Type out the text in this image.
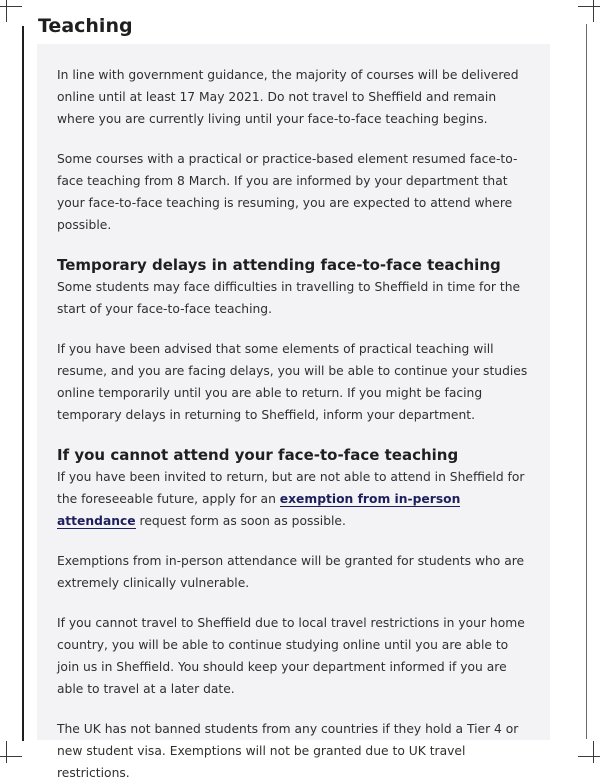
Teaching

In line with government guidance, the majority of courses will be delivered online until at least 17 May 2021. Do not travel to Sheffield and remain where you are currently living until your face-to-face teaching begins.

Some courses with a practical or practice-based element resumed face-to-face teaching from 8 March. If you are informed by your department that your face-to-face teaching is resuming, you are expected to attend where possible.

Temporary delays in attending face-to-face teaching

Some students may face difficulties in travelling to Sheffield in time for the start of your face-to-face teaching.

If you have been advised that some elements of practical teaching will resume, and you are facing delays, you will be able to continue your studies online temporarily until you are able to return. If you might be facing temporary delays in returning to Sheffield, inform your department.

If you cannot attend your face-to-face teaching

If you have been invited to return, but are not able to attend in Sheffield for the foreseeable future, apply for an exemption from in-person attendance request form as soon as possible.

Exemptions from in-person attendance will be granted for students who are extremely clinically vulnerable.

If you cannot travel to Sheffield due to local travel restrictions in your home country, you will be able to continue studying online until you are able to join us in Sheffield. You should keep your department informed if you are able to travel at a later date.

The UK has not banned students from any countries if they hold a Tier 4 or new student visa. Exemptions will not be granted due to UK travel restrictions.
